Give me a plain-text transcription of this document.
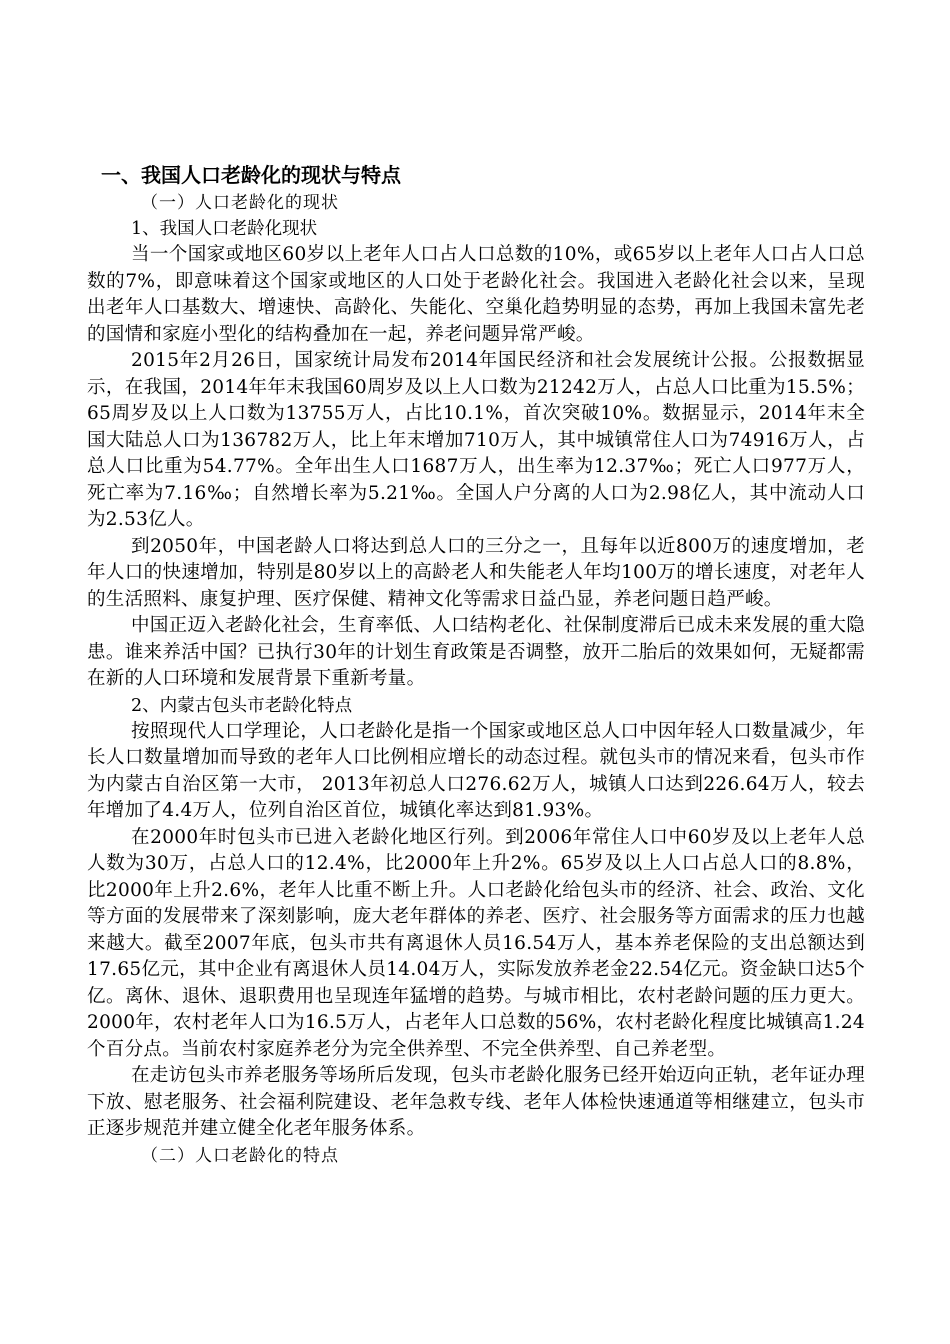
一、我国人口老龄化的现状与特点
（一）人口老龄化的现状
1、我国人口老龄化现状

当一个国家或地区60岁以上老年人口占人口总数的10%，或65岁以上老年人口占人口总数的7%，即意味着这个国家或地区的人口处于老龄化社会。我国进入老龄化社会以来，呈现出老年人口基数大、增速快、高龄化、失能化、空巢化趋势明显的态势，再加上我国未富先老的国情和家庭小型化的结构叠加在一起，养老问题异常严峻。

2015年2月26日，国家统计局发布2014年国民经济和社会发展统计公报。公报数据显示，在我国，2014年年末我国60周岁及以上人口数为21242万人，占总人口比重为15.5%；65周岁及以上人口数为13755万人，占比10.1%，首次突破10%。数据显示，2014年末全国大陆总人口为136782万人，比上年末增加710万人，其中城镇常住人口为74916万人，占总人口比重为54.77%。全年出生人口1687万人，出生率为12.37‰；死亡人口977万人，死亡率为7.16‰；自然增长率为5.21‰。全国人户分离的人口为2.98亿人，其中流动人口为2.53亿人。

到2050年，中国老龄人口将达到总人口的三分之一，且每年以近800万的速度增加，老年人口的快速增加，特别是80岁以上的高龄老人和失能老人年均100万的增长速度，对老年人的生活照料、康复护理、医疗保健、精神文化等需求日益凸显，养老问题日趋严峻。

中国正迈入老龄化社会，生育率低、人口结构老化、社保制度滞后已成未来发展的重大隐患。谁来养活中国？已执行30年的计划生育政策是否调整，放开二胎后的效果如何，无疑都需在新的人口环境和发展背景下重新考量。

2、内蒙古包头市老龄化特点

按照现代人口学理论，人口老龄化是指一个国家或地区总人口中因年轻人口数量减少，年长人口数量增加而导致的老年人口比例相应增长的动态过程。就包头市的情况来看，包头市作为内蒙古自治区第一大市， 2013年初总人口276.62万人，城镇人口达到226.64万人，较去年增加了4.4万人，位列自治区首位，城镇化率达到81.93%。

在2000年时包头市已进入老龄化地区行列。到2006年常住人口中60岁及以上老年人总人数为30万，占总人口的12.4%，比2000年上升2%。65岁及以上人口占总人口的8.8%，比2000年上升2.6%，老年人比重不断上升。人口老龄化给包头市的经济、社会、政治、文化等方面的发展带来了深刻影响，庞大老年群体的养老、医疗、社会服务等方面需求的压力也越来越大。截至2007年底，包头市共有离退休人员16.54万人，基本养老保险的支出总额达到17.65亿元，其中企业有离退休人员14.04万人，实际发放养老金22.54亿元。资金缺口达5个亿。离休、退休、退职费用也呈现连年猛增的趋势。与城市相比，农村老龄问题的压力更大。2000年，农村老年人口为16.5万人，占老年人口总数的56%，农村老龄化程度比城镇高1.24个百分点。当前农村家庭养老分为完全供养型、不完全供养型、自己养老型。

在走访包头市养老服务等场所后发现，包头市老龄化服务已经开始迈向正轨，老年证办理下放、慰老服务、社会福利院建设、老年急救专线、老年人体检快速通道等相继建立，包头市正逐步规范并建立健全化老年服务体系。

（二）人口老龄化的特点
